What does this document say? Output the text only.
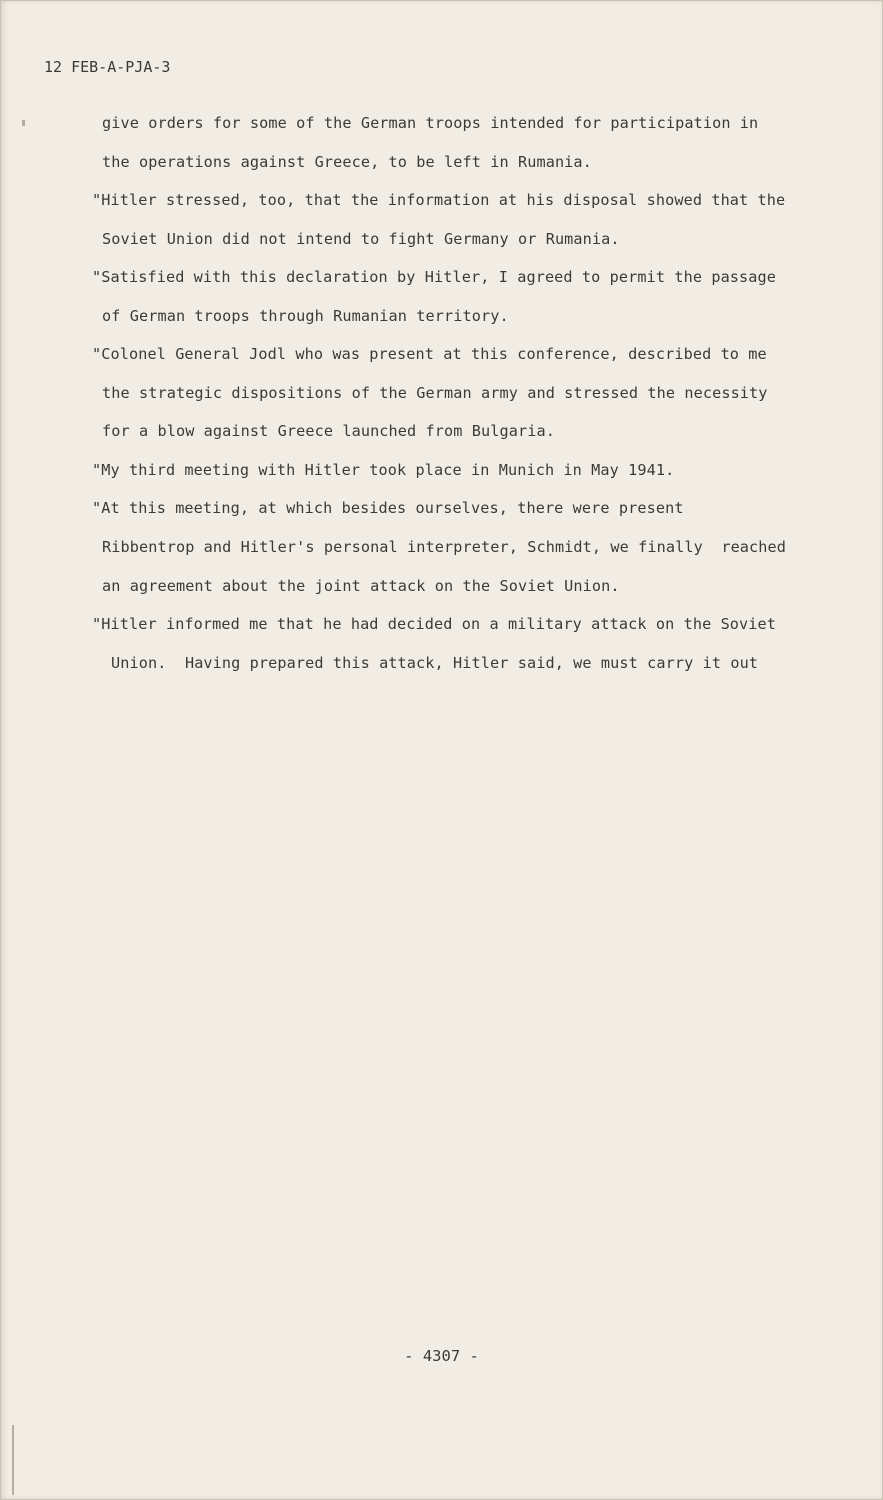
12 FEB-A-PJA-3
give orders for some of the German troops intended for participation in
the operations against Greece, to be left in Rumania.
"Hitler stressed, too, that the information at his disposal showed that the
Soviet Union did not intend to fight Germany or Rumania.
"Satisfied with this declaration by Hitler, I agreed to permit the passage
of German troops through Rumanian territory.
"Colonel General Jodl who was present at this conference, described to me
the strategic dispositions of the German army and stressed the necessity
for a blow against Greece launched from Bulgaria.
"My third meeting with Hitler took place in Munich in May 1941.
"At this meeting, at which besides ourselves, there were present
Ribbentrop and Hitler's personal interpreter, Schmidt, we finally  reached
an agreement about the joint attack on the Soviet Union.
"Hitler informed me that he had decided on a military attack on the Soviet
Union.  Having prepared this attack, Hitler said, we must carry it out
- 4307 -
